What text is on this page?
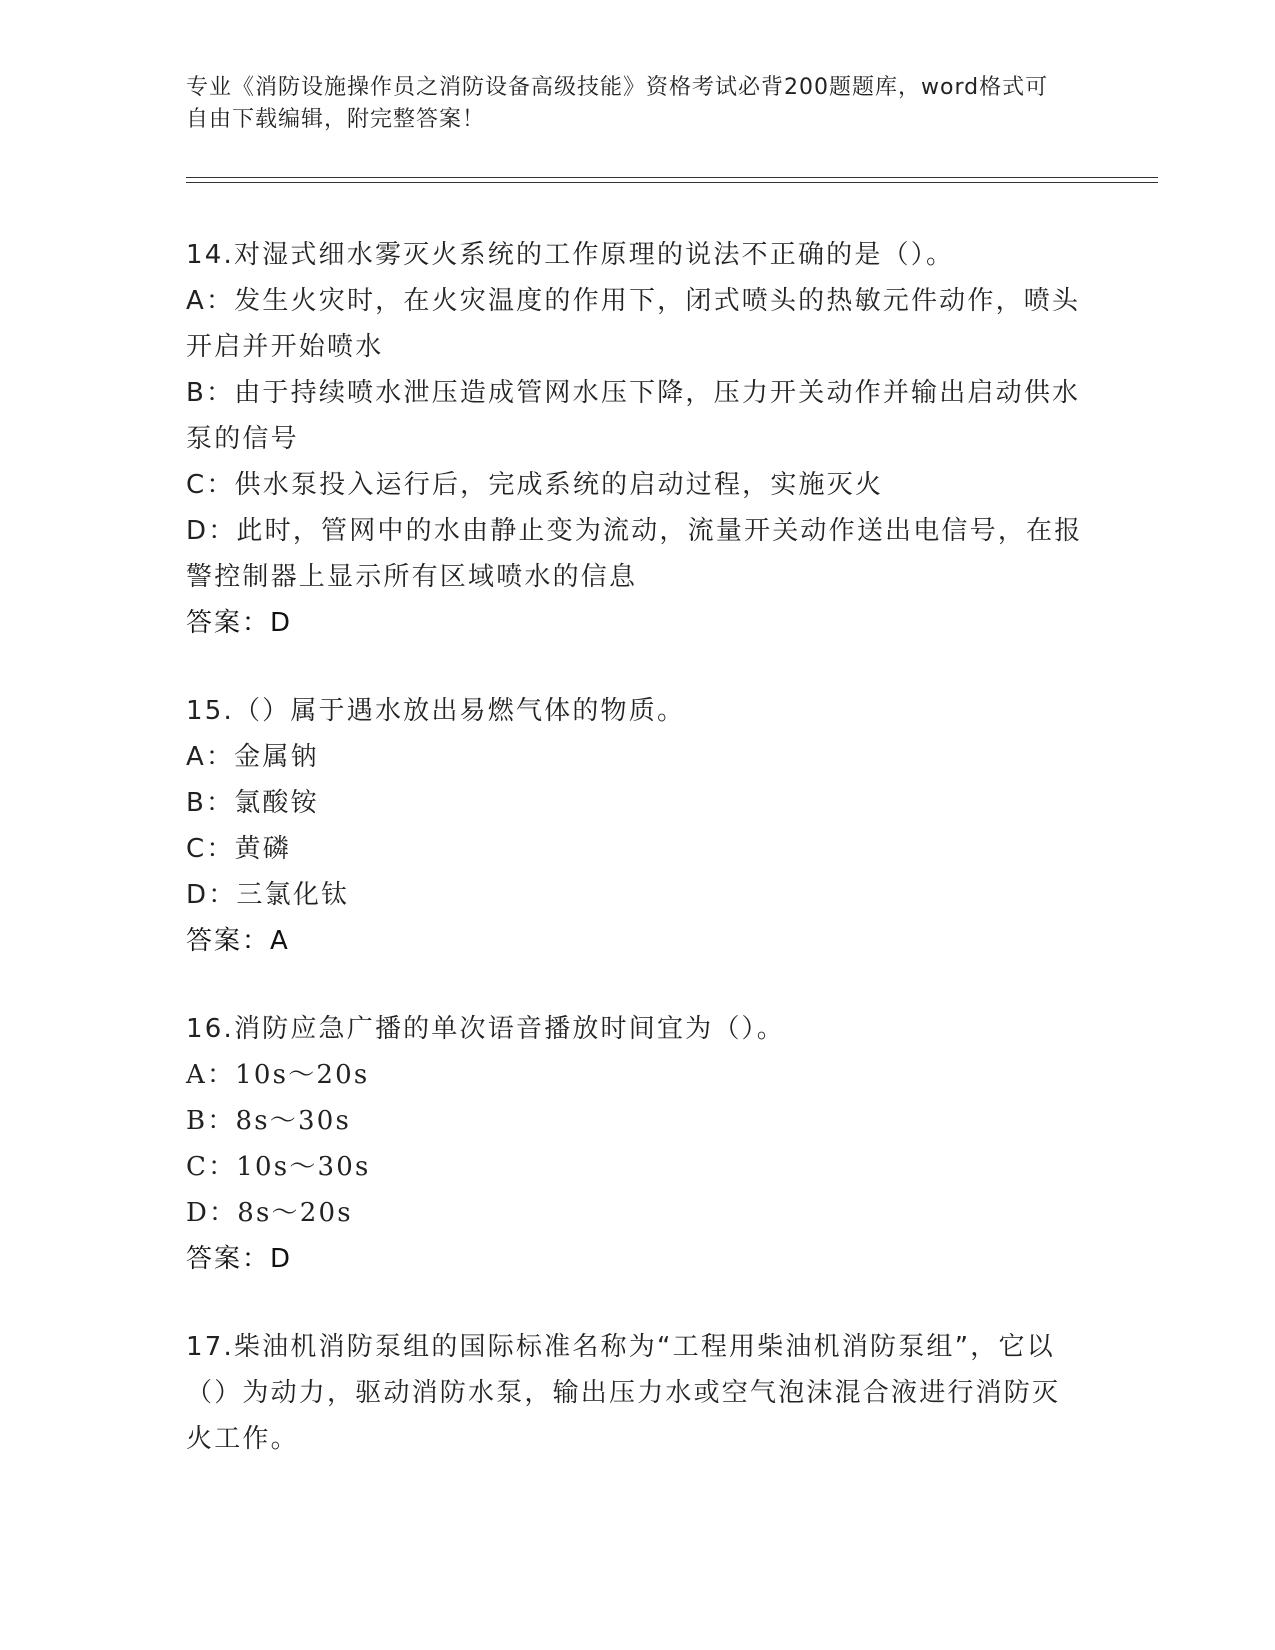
专业《消防设施操作员之消防设备高级技能》资格考试必背200题题库，word格式可自由下载编辑，附完整答案！

14.对湿式细水雾灭火系统的工作原理的说法不正确的是（）。

A：发生火灾时，在火灾温度的作用下，闭式喷头的热敏元件动作，喷头开启并开始喷水

B：由于持续喷水泄压造成管网水压下降，压力开关动作并输出启动供水泵的信号

C：供水泵投入运行后，完成系统的启动过程，实施灭火

D：此时，管网中的水由静止变为流动，流量开关动作送出电信号，在报警控制器上显示所有区域喷水的信息

答案：D

15.（）属于遇水放出易燃气体的物质。

A：金属钠

B：氯酸铵

C：黄磷

D：三氯化钛

答案：A

16.消防应急广播的单次语音播放时间宜为（）。

A：10s～20s

B：8s～30s

C：10s～30s

D：8s～20s

答案：D

17.柴油机消防泵组的国际标准名称为“工程用柴油机消防泵组”，它以（）为动力，驱动消防水泵，输出压力水或空气泡沫混合液进行消防灭火工作。
